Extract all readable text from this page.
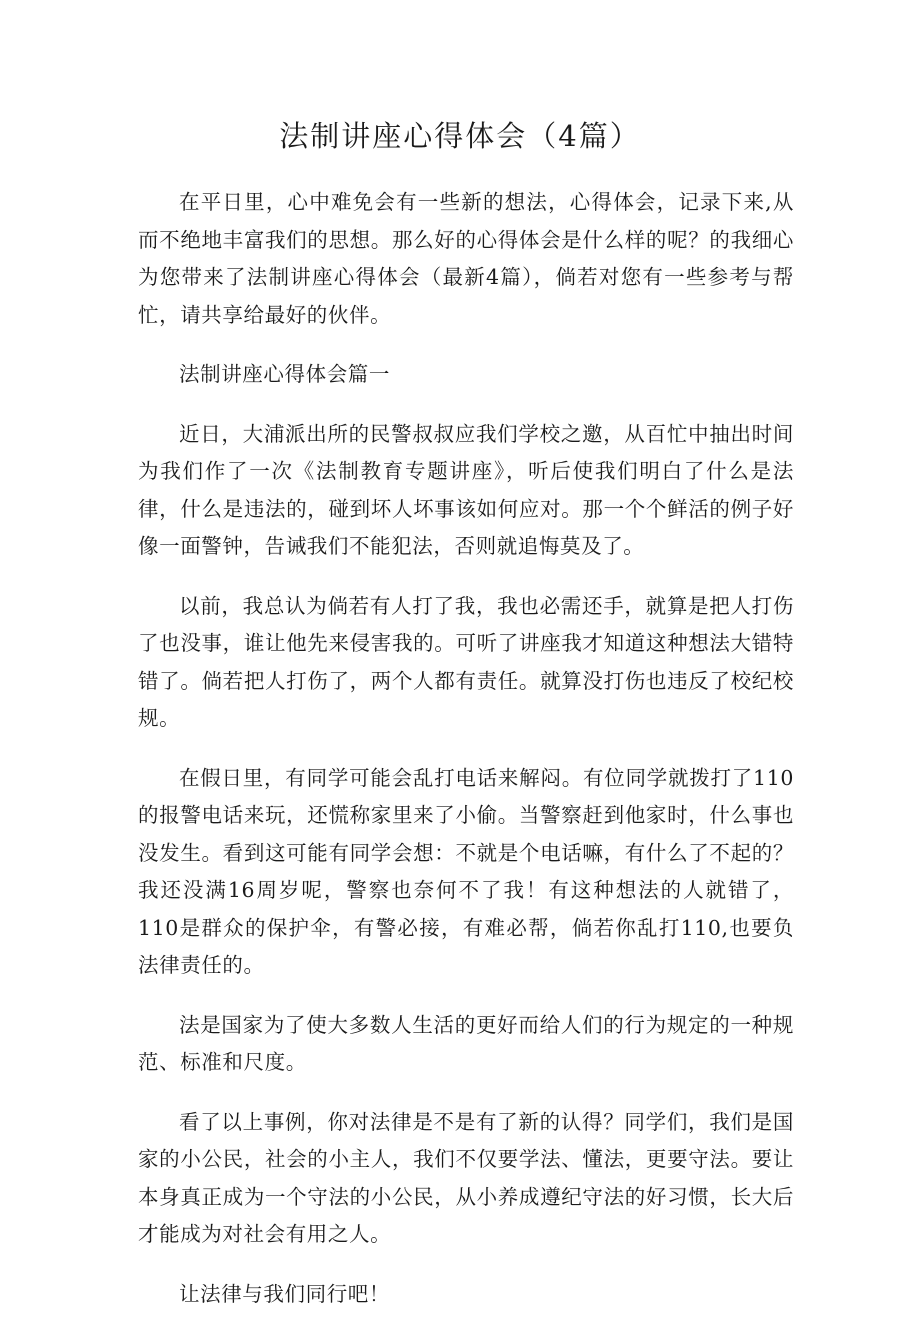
法制讲座心得体会（4篇）

在平日里，心中难免会有一些新的想法，心得体会，记录下来,从而不绝地丰富我们的思想。那么好的心得体会是什么样的呢？的我细心为您带来了法制讲座心得体会（最新4篇），倘若对您有一些参考与帮忙，请共享给最好的伙伴。

法制讲座心得体会篇一

近日，大浦派出所的民警叔叔应我们学校之邀，从百忙中抽出时间为我们作了一次《法制教育专题讲座》，听后使我们明白了什么是法律，什么是违法的，碰到坏人坏事该如何应对。那一个个鲜活的例子好像一面警钟，告诫我们不能犯法，否则就追悔莫及了。

以前，我总认为倘若有人打了我，我也必需还手，就算是把人打伤了也没事，谁让他先来侵害我的。可听了讲座我才知道这种想法大错特错了。倘若把人打伤了，两个人都有责任。就算没打伤也违反了校纪校规。

在假日里，有同学可能会乱打电话来解闷。有位同学就拨打了110的报警电话来玩，还慌称家里来了小偷。当警察赶到他家时，什么事也没发生。看到这可能有同学会想：不就是个电话嘛，有什么了不起的？我还没满16周岁呢，警察也奈何不了我！有这种想法的人就错了，110是群众的保护伞，有警必接，有难必帮，倘若你乱打110,也要负法律责任的。

法是国家为了使大多数人生活的更好而给人们的行为规定的一种规范、标准和尺度。

看了以上事例，你对法律是不是有了新的认得？同学们，我们是国家的小公民，社会的小主人，我们不仅要学法、懂法，更要守法。要让本身真正成为一个守法的小公民，从小养成遵纪守法的好习惯，长大后才能成为对社会有用之人。

让法律与我们同行吧！
